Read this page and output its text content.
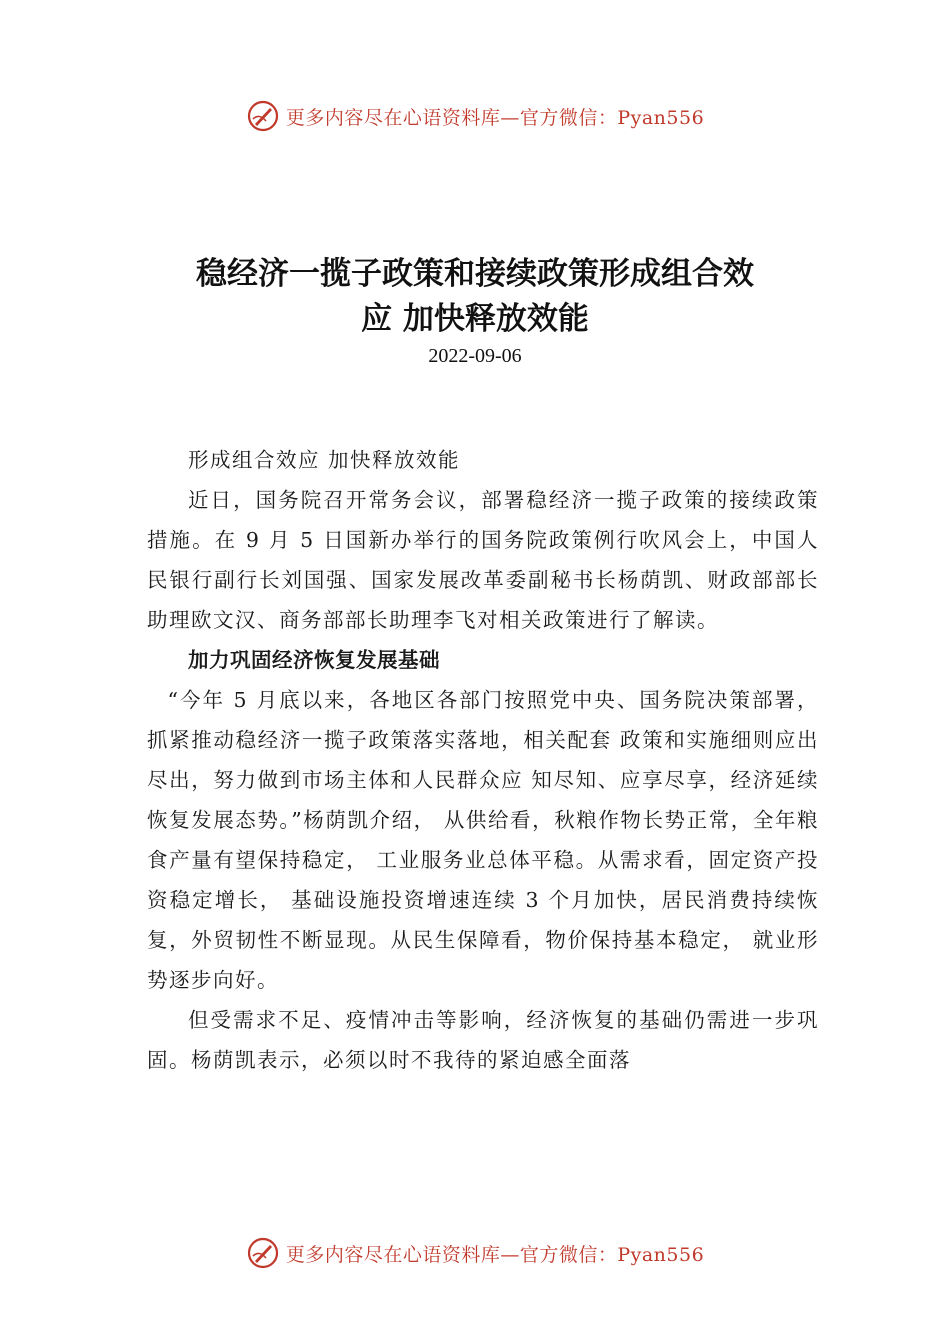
更多内容尽在心语资料库—官方微信：Pyan556
稳经济一揽子政策和接续政策形成组合效
应 加快释放效能
2022-09-06

形成组合效应 加快释放效能

近日，国务院召开常务会议，部署稳经济一揽子政策的接续政策措施。在 9 月 5 日国新办举行的国务院政策例行吹风会上，中国人民银行副行长刘国强、国家发展改革委副秘书长杨荫凯、财政部部长助理欧文汉、商务部部长助理李飞对相关政策进行了解读。

加力巩固经济恢复发展基础

“今年 5 月底以来，各地区各部门按照党中央、国务院决策部署，抓紧推动稳经济一揽子政策落实落地，相关配套 政策和实施细则应出尽出，努力做到市场主体和人民群众应 知尽知、应享尽享，经济延续恢复发展态势。”杨荫凯介绍， 从供给看，秋粮作物长势正常，全年粮食产量有望保持稳定， 工业服务业总体平稳。从需求看，固定资产投资稳定增长， 基础设施投资增速连续 3 个月加快，居民消费持续恢复，外贸韧性不断显现。从民生保障看，物价保持基本稳定， 就业形势逐步向好。

但受需求不足、疫情冲击等影响，经济恢复的基础仍需进一步巩固。杨荫凯表示，必须以时不我待的紧迫感全面落

更多内容尽在心语资料库—官方微信：Pyan556
